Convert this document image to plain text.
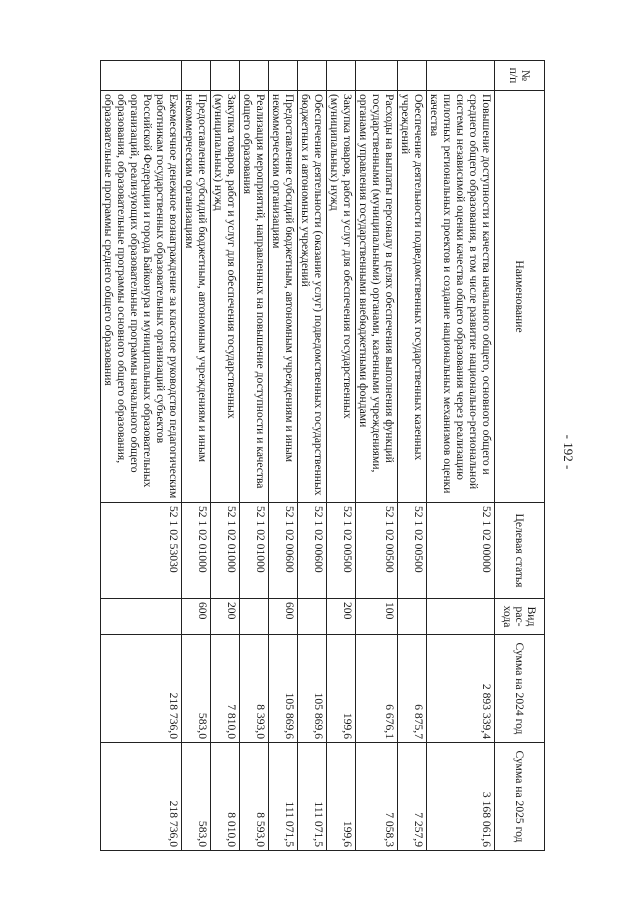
- 192 -
№ п/п	Наименование	Целевая статья	Вид рас-хода	Сумма на 2024 год	Сумма на 2025 год
	Повышение доступности и качества начального общего, основного общего и среднего общего образования, в том числе развитие национально-региональной системы независимой оценки качества общего образования через реализацию пилотных региональных проектов и создание национальных механизмов оценки качества	52 1 02 00000		2 893 339,4	3 168 061,6
	Обеспечение деятельности подведомственных государственных казенных учреждений	52 1 02 00500		6 875,7	7 257,9
	Расходы на выплаты персоналу в целях обеспечения выполнения функций государственными (муниципальными) органами, казенными учреждениями, органами управления государственными внебюджетными фондами	52 1 02 00500	100	6 676,1	7 058,3
	Закупка товаров, работ и услуг для обеспечения государственных (муниципальных) нужд	52 1 02 00500	200	199,6	199,6
	Обеспечение деятельности (оказание услуг) подведомственных государственных бюджетных и автономных учреждений	52 1 02 00600		105 869,6	111 071,5
	Предоставление субсидий бюджетным, автономным учреждениям и иным некоммерческим организациям	52 1 02 00600	600	105 869,6	111 071,5
	Реализация мероприятий, направленных на повышение доступности и качества общего образования	52 1 02 01000		8 393,0	8 593,0
	Закупка товаров, работ и услуг для обеспечения государственных (муниципальных) нужд	52 1 02 01000	200	7 810,0	8 010,0
	Предоставление субсидий бюджетным, автономным учреждениям и иным некоммерческим организациям	52 1 02 01000	600	583,0	583,0
	Ежемесячное денежное вознаграждение за классное руководство педагогическим работникам государственных образовательных организаций субъектов Российской Федерации и города Байконура и муниципальных образовательных организаций, реализующих образовательные программы начального общего образования, образовательные программы основного общего образования, образовательные программы среднего общего образования	52 1 02 53030		218 736,0	218 736,0
